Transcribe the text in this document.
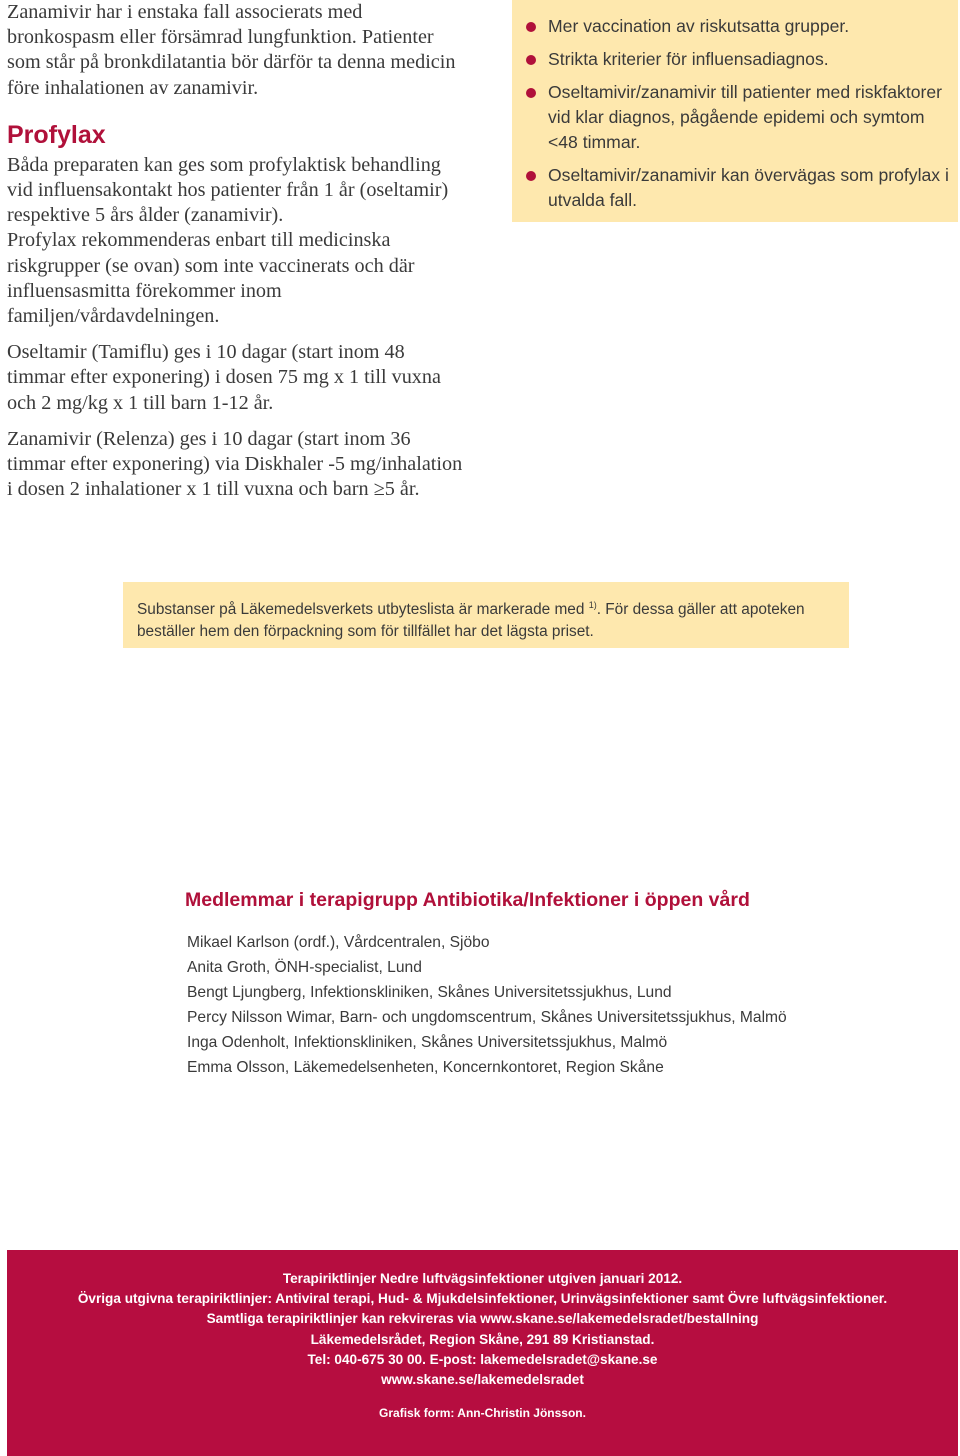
Zanamivir har i enstaka fall associerats med bronkospasm eller försämrad lungfunktion. Patienter som står på bronkdilatantia bör därför ta denna medicin före inhalationen av zanamivir.

Profylax

Båda preparaten kan ges som profylaktisk behandling vid influensakontakt hos patienter från 1 år (oseltamir) respektive 5 års ålder (zanamivir).

Profylax rekommenderas enbart till medicinska riskgrupper (se ovan) som inte vaccinerats och där influensasmitta förekommer inom familjen/vårdavdelningen.

Oseltamir (Tamiflu) ges i 10 dagar (start inom 48 timmar efter exponering) i dosen 75 mg x 1 till vuxna och 2 mg/kg x 1 till barn 1-12 år.

Zanamivir (Relenza) ges i 10 dagar (start inom 36 timmar efter exponering) via Diskhaler -5 mg/inhalation i dosen 2 inhalationer x 1 till vuxna och barn ≥5 år.

Mer vaccination av riskutsatta grupper.
Strikta kriterier för influensadiagnos.
Oseltamivir/zanamivir till patienter med riskfaktorer vid klar diagnos, pågående epidemi och symtom <48 timmar.
Oseltamivir/zanamivir kan övervägas som profylax i utvalda fall.
Substanser på Läkemedelsverkets utbyteslista är markerade med $^{1)}$. För dessa gäller att apoteken beställer hem den förpackning som för tillfället har det lägsta priset.
Medlemmar i terapigrupp Antibiotika/Infektioner i öppen vård
Mikael Karlson (ordf.), Vårdcentralen, Sjöbo
Anita Groth, ÖNH-specialist, Lund
Bengt Ljungberg, Infektionskliniken, Skånes Universitetssjukhus, Lund
Percy Nilsson Wimar, Barn- och ungdomscentrum, Skånes Universitetssjukhus, Malmö
Inga Odenholt, Infektionskliniken, Skånes Universitetssjukhus, Malmö
Emma Olsson, Läkemedelsenheten, Koncernkontoret, Region Skåne
Terapiriktlinjer Nedre luftvägsinfektioner utgiven januari 2012.
Övriga utgivna terapiriktlinjer: Antiviral terapi, Hud- & Mjukdelsinfektioner, Urinvägsinfektioner samt Övre luftvägsinfektioner.
Samtliga terapiriktlinjer kan rekvireras via www.skane.se/lakemedelsradet/bestallning
Läkemedelsrådet, Region Skåne, 291 89 Kristianstad.
Tel: 040-675 30 00. E-post: lakemedelsradet@skane.se
www.skane.se/lakemedelsradet
Grafisk form: Ann-Christin Jönsson.
